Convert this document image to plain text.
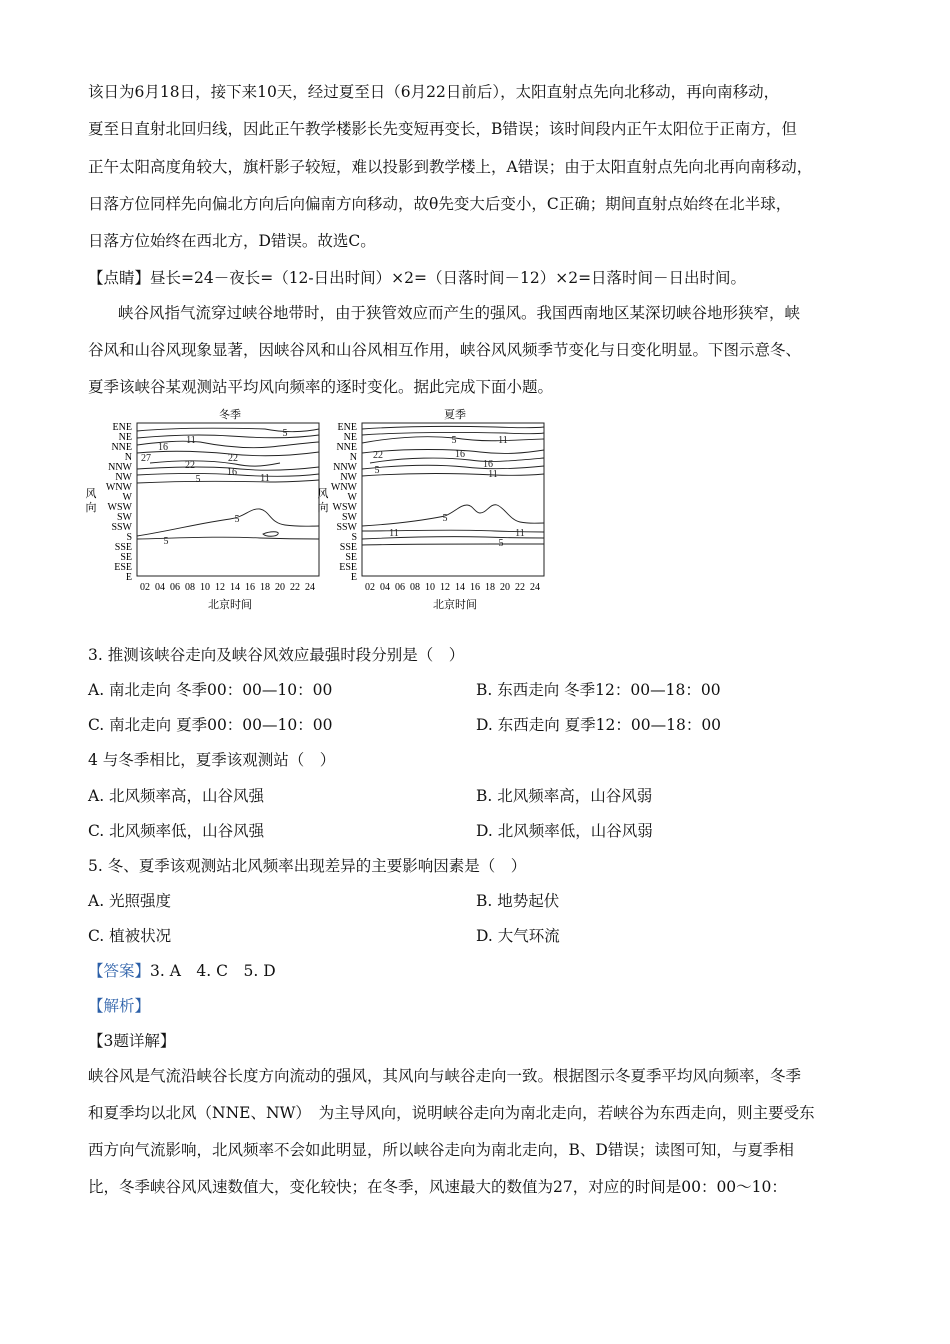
该日为6月18日，接下来10天，经过夏至日（6月22日前后），太阳直射点先向北移动，再向南移动，
夏至日直射北回归线，因此正午教学楼影长先变短再变长，B错误；该时间段内正午太阳位于正南方，但
正午太阳高度角较大，旗杆影子较短，难以投影到教学楼上，A错误；由于太阳直射点先向北再向南移动，
日落方位同样先向偏北方向后向偏南方向移动，故θ先变大后变小，C正确；期间直射点始终在北半球，
日落方位始终在西北方，D错误。故选C。
【点睛】昼长=24－夜长=（12-日出时间）×2=（日落时间－12）×2=日落时间－日出时间。
峡谷风指气流穿过峡谷地带时，由于狭管效应而产生的强风。我国西南地区某深切峡谷地形狭窄，峡
谷风和山谷风现象显著，因峡谷风和山谷风相互作用，峡谷风风频季节变化与日变化明显。下图示意冬、
夏季该峡谷某观测站平均风向频率的逐时变化。据此完成下面小题。
冬季
风
向
ENE
NE
NNE
N
NNW
NW
WNW
W
WSW
SW
SSW
S
SSE
SE
ESE
E
5
11
16
27	22
22
16
11
5
5
5
02 04 06 08 10 12 14 16 18 20 22 24
北京时间
夏季
风
向
ENE
NE
NNE
N
NNW
NW
WNW
W
WSW
SW
SSW
S
SSE
SE
ESE
E
5	11
22	16
16
11
5
5
11	11
5
02 04 06 08 10 12 14 16 18 20 22 24
北京时间
3. 推测该峡谷走向及峡谷风效应最强时段分别是（　）
A. 南北走向 冬季00：00—10：00	B. 东西走向 冬季12：00—18：00
C. 南北走向 夏季00：00—10：00	D. 东西走向 夏季12：00—18：00
4 与冬季相比，夏季该观测站（　）
A. 北风频率高，山谷风强	B. 北风频率高，山谷风弱
C. 北风频率低，山谷风强	D. 北风频率低，山谷风弱
5. 冬、夏季该观测站北风频率出现差异的主要影响因素是（　）
A. 光照强度	B. 地势起伏
C. 植被状况	D. 大气环流
【答案】3. A　4. C　5. D
【解析】
【3题详解】
峡谷风是气流沿峡谷长度方向流动的强风，其风向与峡谷走向一致。根据图示冬夏季平均风向频率，冬季
和夏季均以北风（NNE、NW）　为主导风向，说明峡谷走向为南北走向，若峡谷为东西走向，则主要受东
西方向气流影响，北风频率不会如此明显，所以峡谷走向为南北走向，B、D错误；读图可知，与夏季相
比，冬季峡谷风风速数值大，变化较快；在冬季，风速最大的数值为27，对应的时间是00：00～10：
